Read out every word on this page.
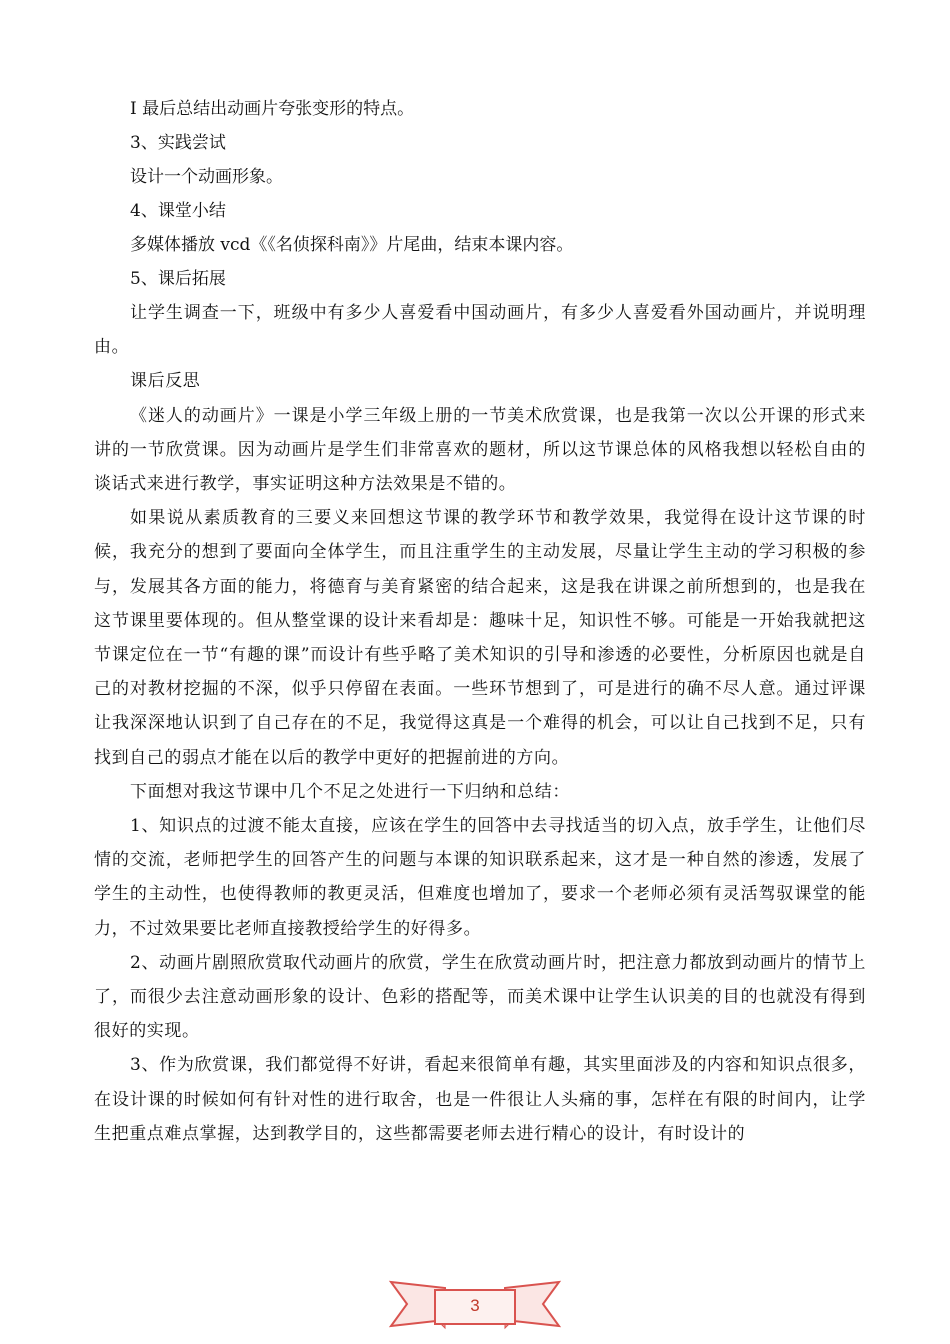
I 最后总结出动画片夸张变形的特点。

3、实践尝试

设计一个动画形象。

4、课堂小结

多媒体播放 vcd《《名侦探科南》》片尾曲，结束本课内容。

5、课后拓展

让学生调查一下，班级中有多少人喜爱看中国动画片，有多少人喜爱看外国动画片，并说明理由。

课后反思

《迷人的动画片》一课是小学三年级上册的一节美术欣赏课，也是我第一次以公开课的形式来讲的一节欣赏课。因为动画片是学生们非常喜欢的题材，所以这节课总体的风格我想以轻松自由的谈话式来进行教学，事实证明这种方法效果是不错的。

如果说从素质教育的三要义来回想这节课的教学环节和教学效果，我觉得在设计这节课的时候，我充分的想到了要面向全体学生，而且注重学生的主动发展，尽量让学生主动的学习积极的参与，发展其各方面的能力，将德育与美育紧密的结合起来，这是我在讲课之前所想到的，也是我在这节课里要体现的。但从整堂课的设计来看却是：趣味十足，知识性不够。可能是一开始我就把这节课定位在一节“有趣的课”而设计有些乎略了美术知识的引导和渗透的必要性，分析原因也就是自己的对教材挖掘的不深，似乎只停留在表面。一些环节想到了，可是进行的确不尽人意。通过评课让我深深地认识到了自己存在的不足，我觉得这真是一个难得的机会，可以让自己找到不足，只有找到自己的弱点才能在以后的教学中更好的把握前进的方向。

下面想对我这节课中几个不足之处进行一下归纳和总结：

1、知识点的过渡不能太直接，应该在学生的回答中去寻找适当的切入点，放手学生，让他们尽情的交流，老师把学生的回答产生的问题与本课的知识联系起来，这才是一种自然的渗透，发展了学生的主动性，也使得教师的教更灵活，但难度也增加了，要求一个老师必须有灵活驾驭课堂的能力，不过效果要比老师直接教授给学生的好得多。

2、动画片剧照欣赏取代动画片的欣赏，学生在欣赏动画片时，把注意力都放到动画片的情节上了，而很少去注意动画形象的设计、色彩的搭配等，而美术课中让学生认识美的目的也就没有得到很好的实现。

3、作为欣赏课，我们都觉得不好讲，看起来很简单有趣，其实里面涉及的内容和知识点很多，在设计课的时候如何有针对性的进行取舍，也是一件很让人头痛的事，怎样在有限的时间内，让学生把重点难点掌握，达到教学目的，这些都需要老师去进行精心的设计，有时设计的

3
